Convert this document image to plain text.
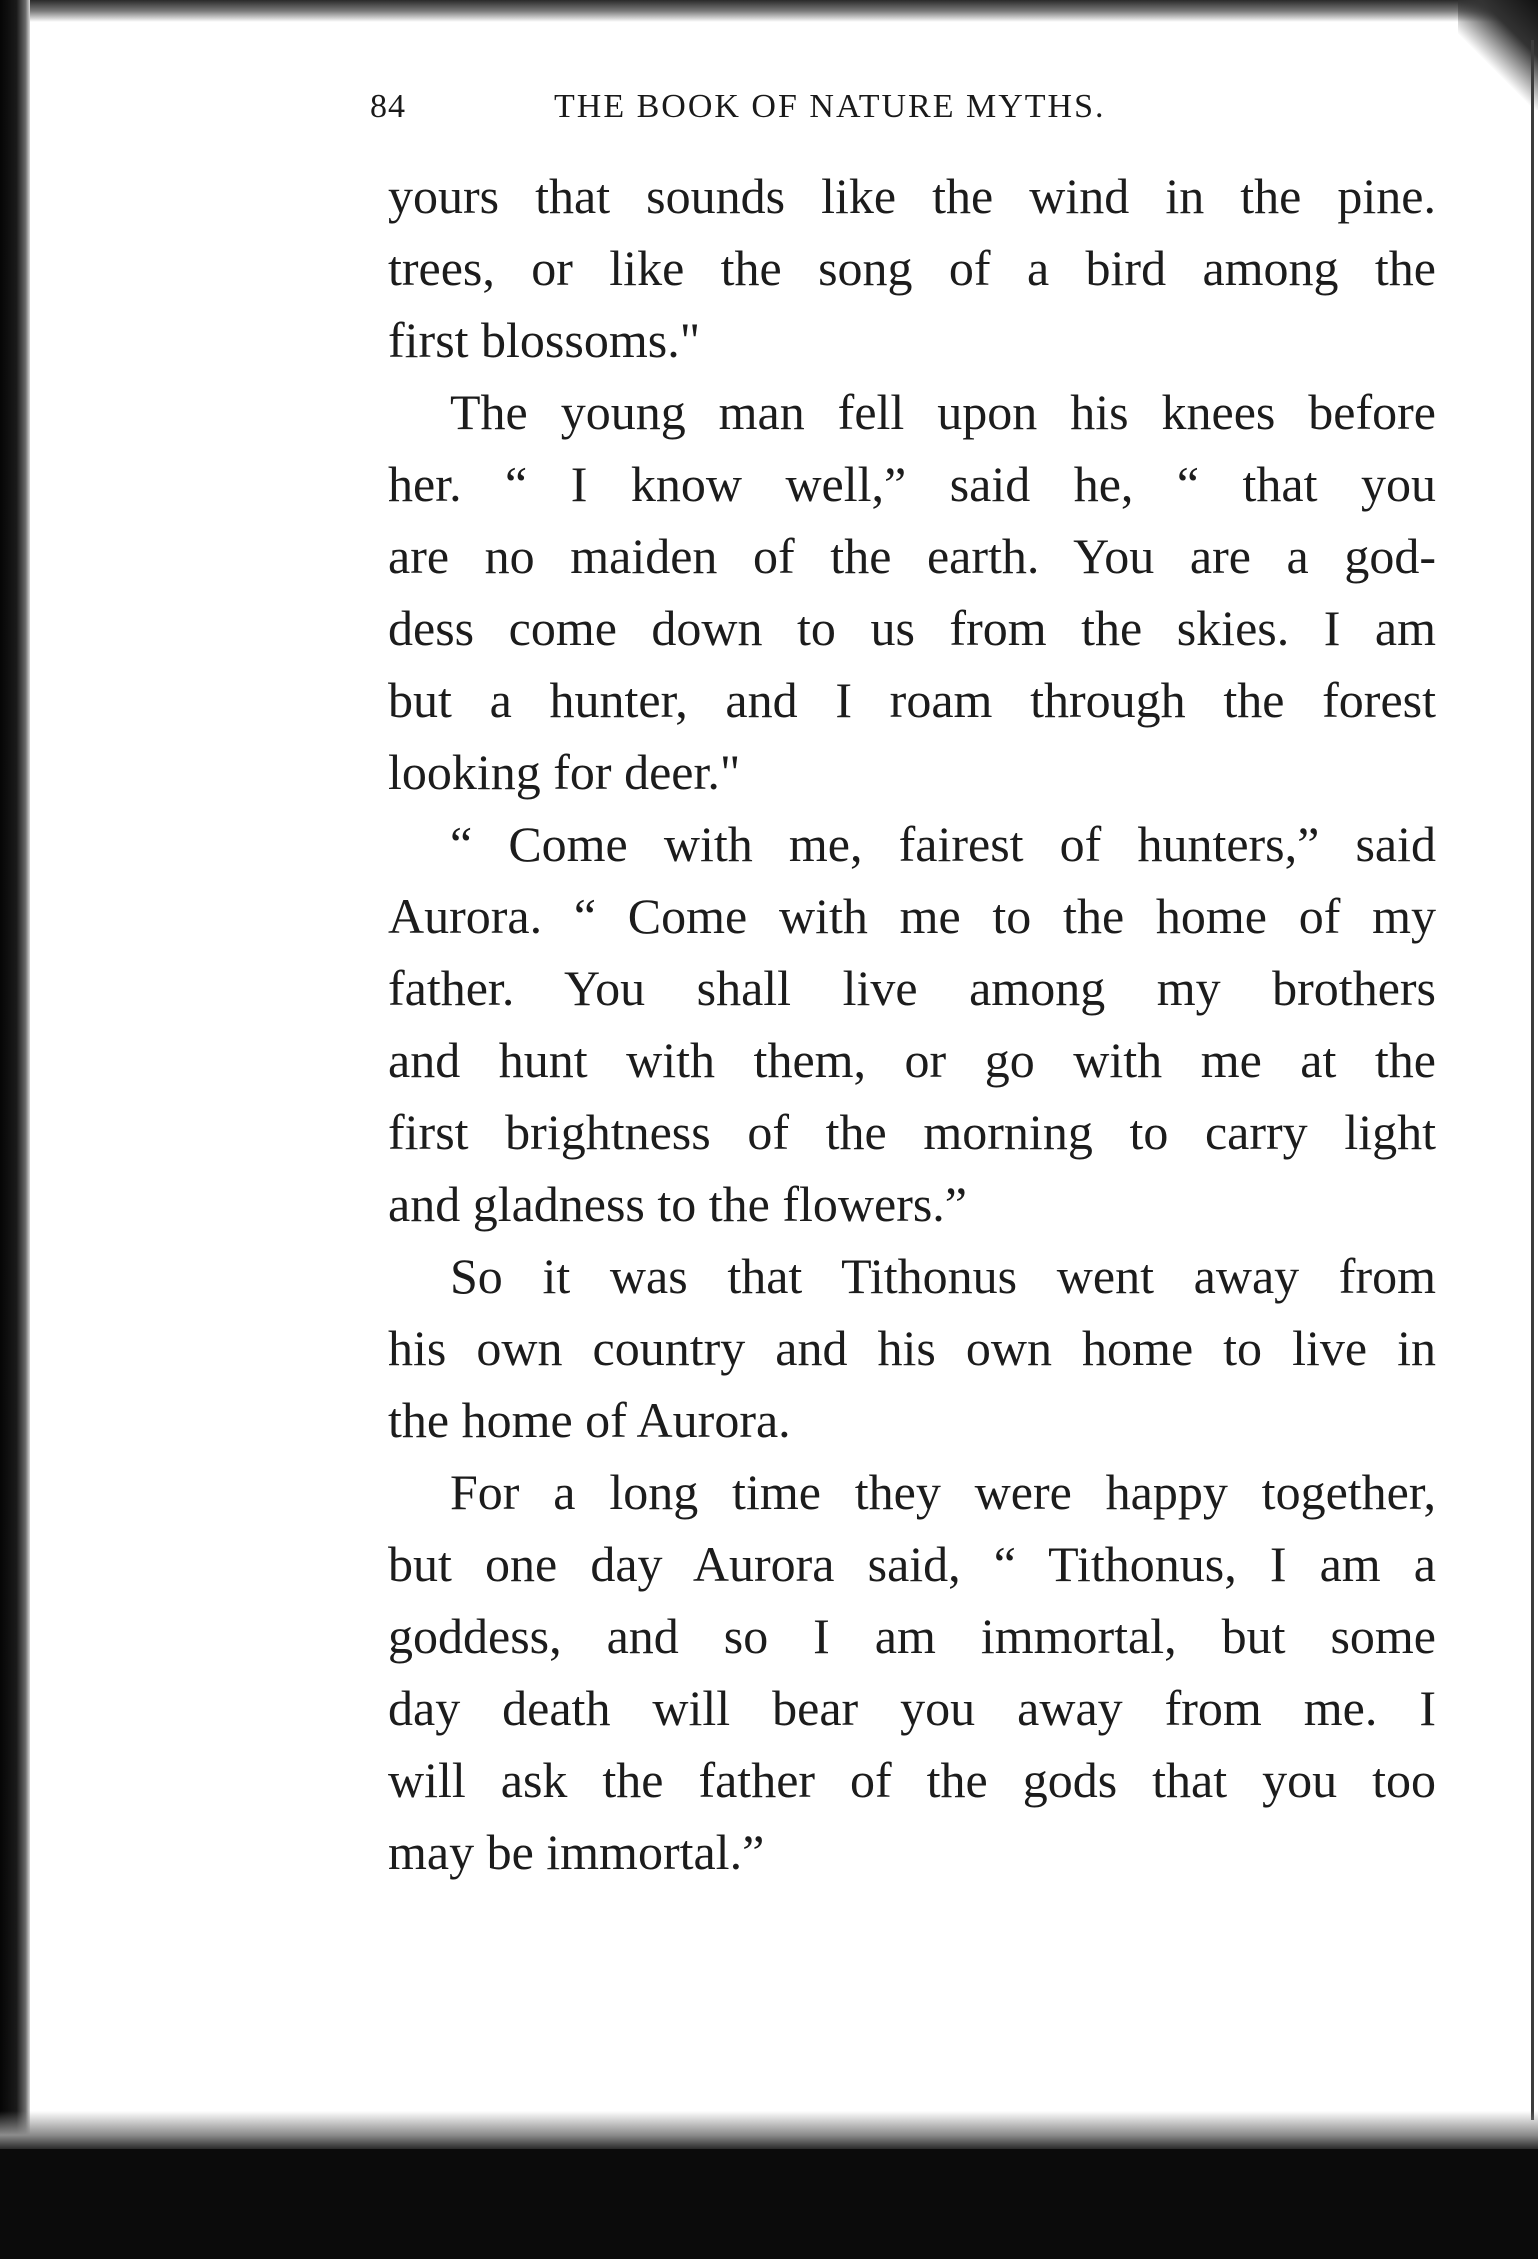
84	THE BOOK OF NATURE MYTHS.
yours that sounds like the wind in the pine.
trees, or like the song of a bird among the
first blossoms."
The young man fell upon his knees before
her. “ I know well,” said he, “ that you
are no maiden of the earth. You are a god-
dess come down to us from the skies. I am
but a hunter, and I roam through the forest
looking for deer."
“ Come with me, fairest of hunters,” said
Aurora. “ Come with me to the home of my
father. You shall live among my brothers
and hunt with them, or go with me at the
first brightness of the morning to carry light
and gladness to the flowers.”
So it was that Tithonus went away from
his own country and his own home to live in
the home of Aurora.
For a long time they were happy together,
but one day Aurora said, “ Tithonus, I am a
goddess, and so I am immortal, but some
day death will bear you away from me. I
will ask the father of the gods that you too
may be immortal.”
